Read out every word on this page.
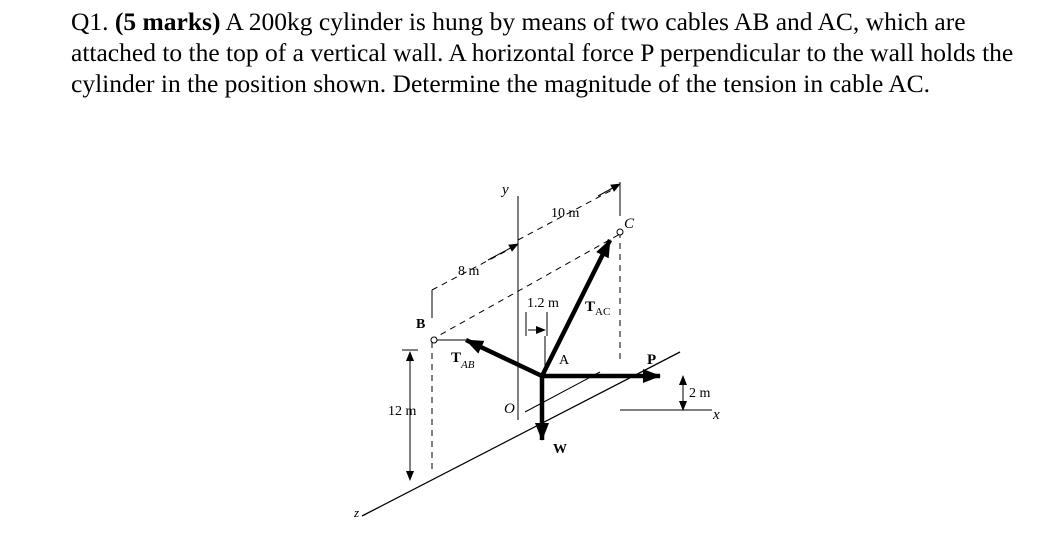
Q1. (5 marks) A 200kg cylinder is hung by means of two cables AB and AC, which are attached to the top of a vertical wall. A horizontal force P perpendicular to the wall holds the cylinder in the position shown. Determine the magnitude of the tension in cable AC.

y
10 m
C
8 m
1.2 m $T_{AC}$
B
$T_{AB}$	A	P
2 m
x
12 m	O
W
z
